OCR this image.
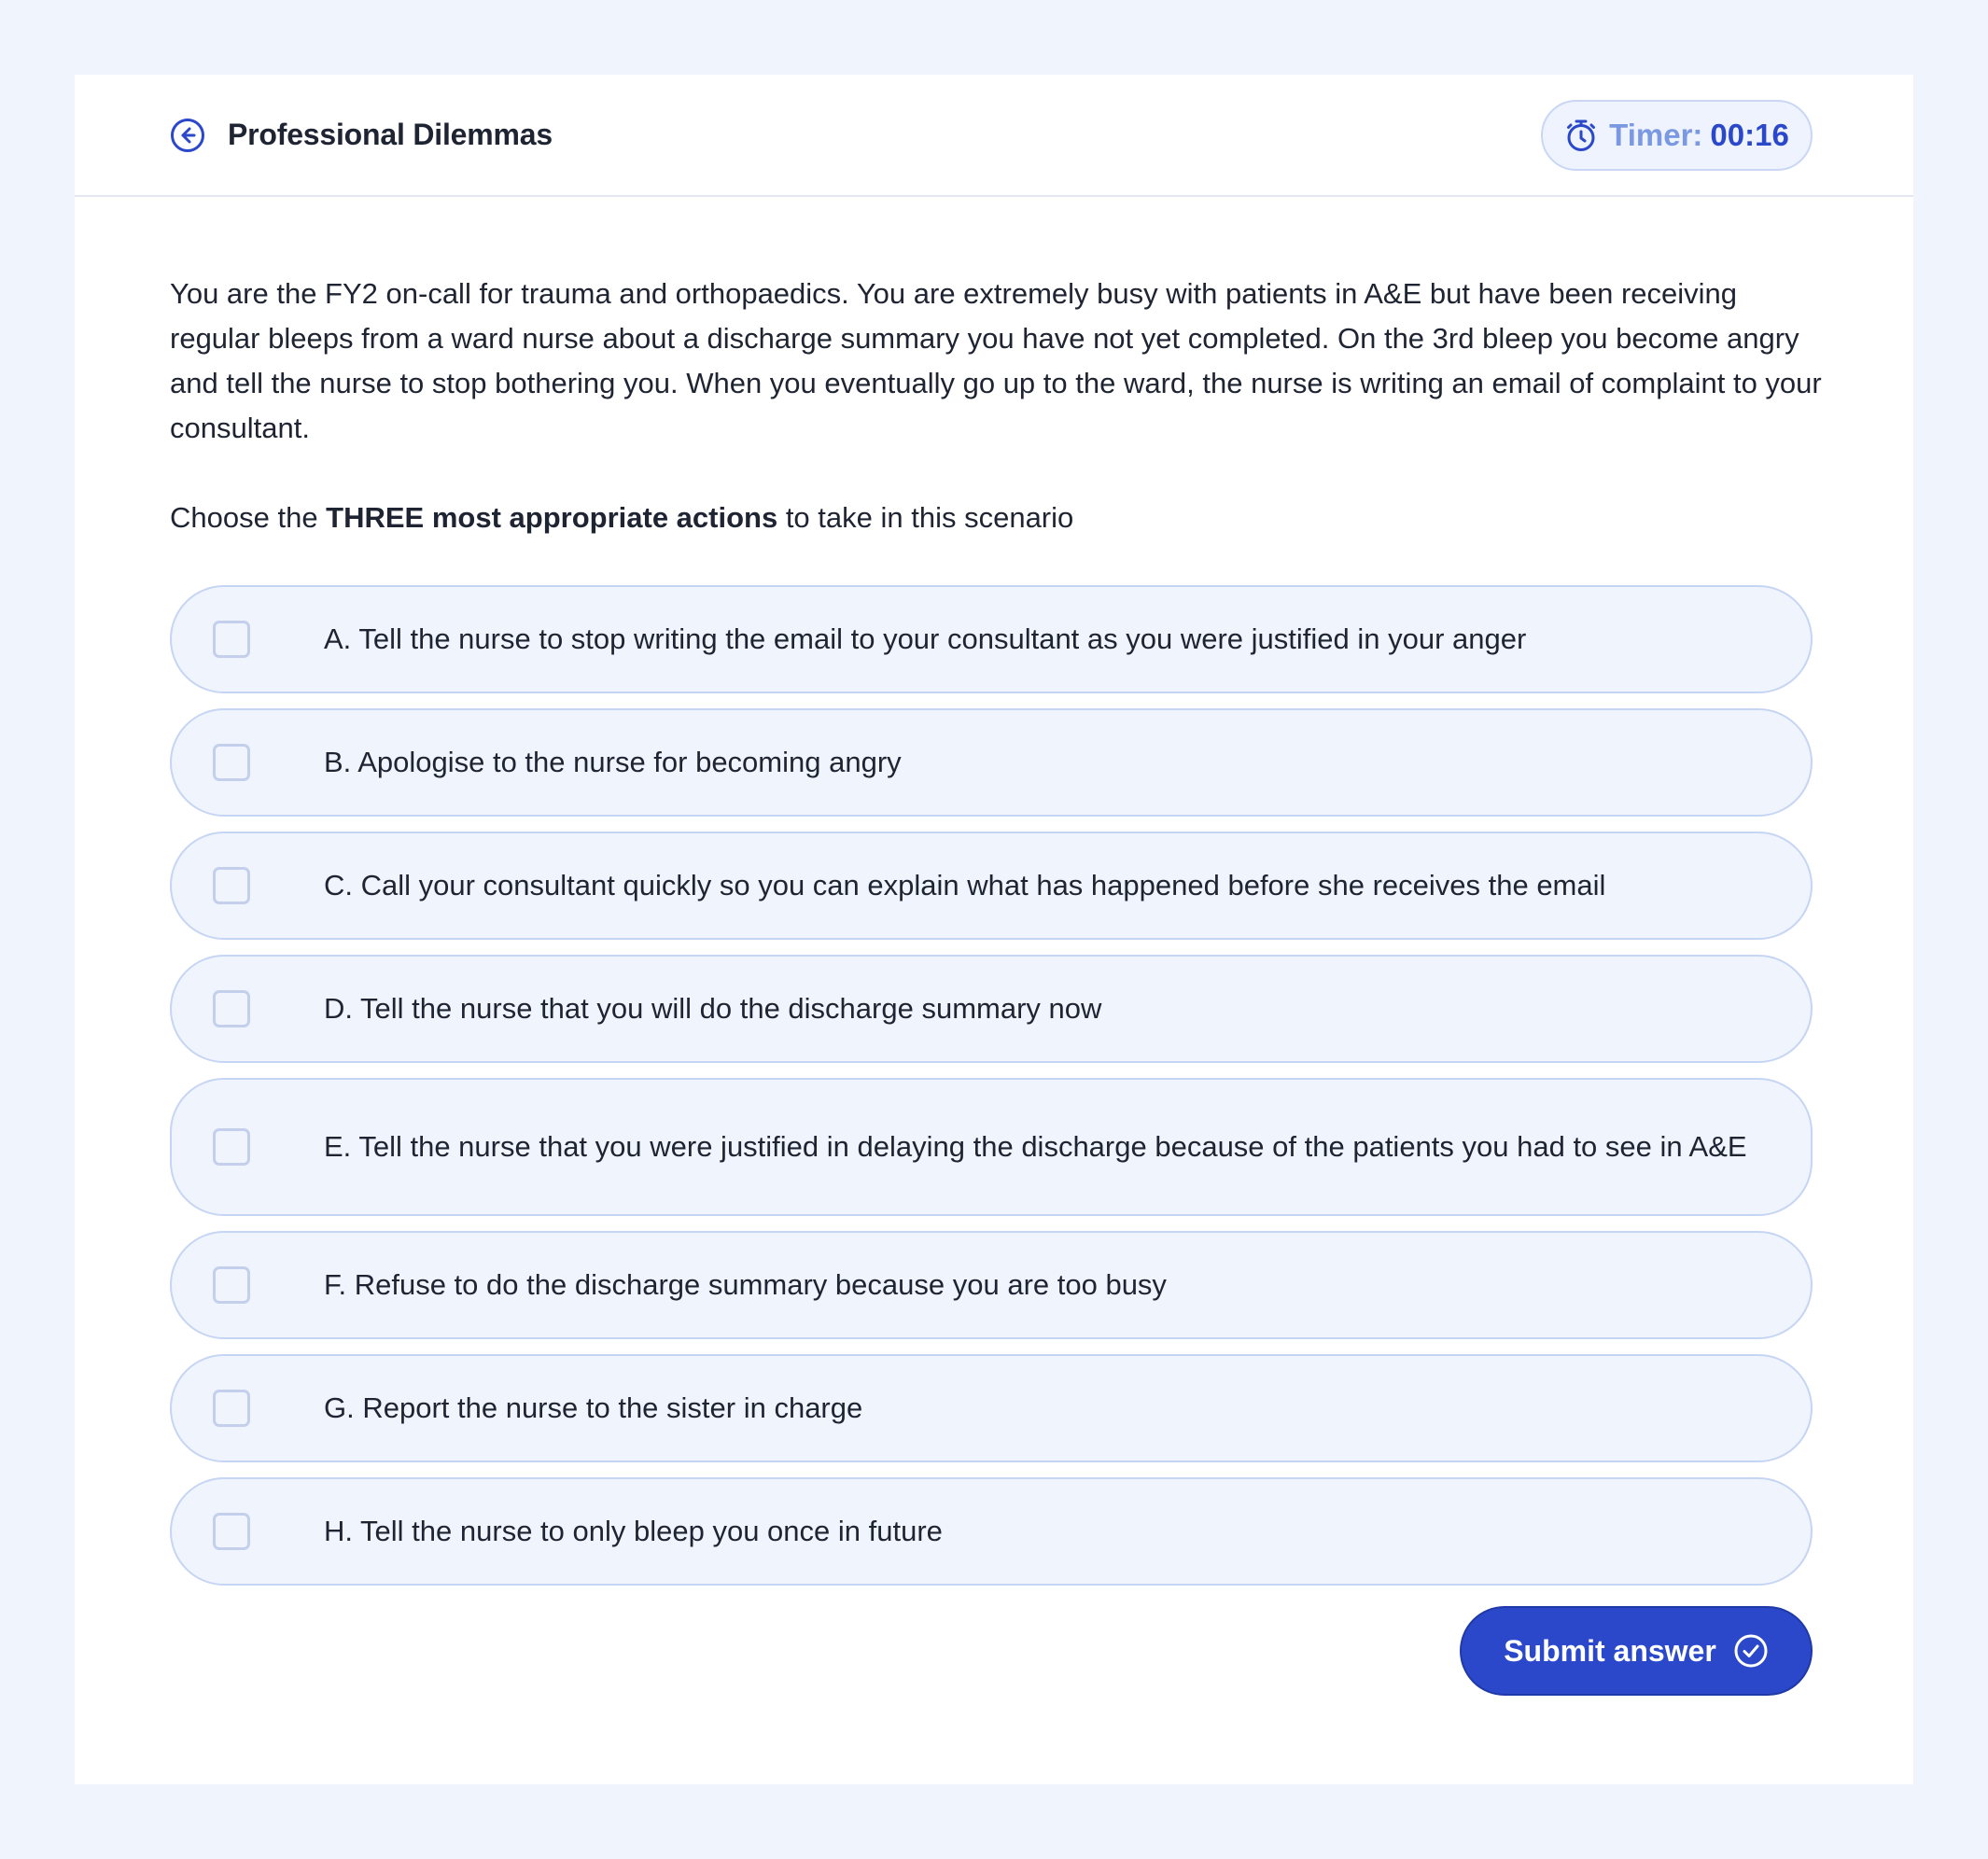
Professional Dilemmas	Timer: 00:16

You are the FY2 on-call for trauma and orthopaedics. You are extremely busy with patients in A&E but have been receiving regular bleeps from a ward nurse about a discharge summary you have not yet completed. On the 3rd bleep you become angry and tell the nurse to stop bothering you. When you eventually go up to the ward, the nurse is writing an email of complaint to your consultant.

Choose the THREE most appropriate actions to take in this scenario

A. Tell the nurse to stop writing the email to your consultant as you were justified in your anger
B. Apologise to the nurse for becoming angry
C. Call your consultant quickly so you can explain what has happened before she receives the email
D. Tell the nurse that you will do the discharge summary now
E. Tell the nurse that you were justified in delaying the discharge because of the patients you had to see in A&E
F. Refuse to do the discharge summary because you are too busy
G. Report the nurse to the sister in charge
H. Tell the nurse to only bleep you once in future
Submit answer
